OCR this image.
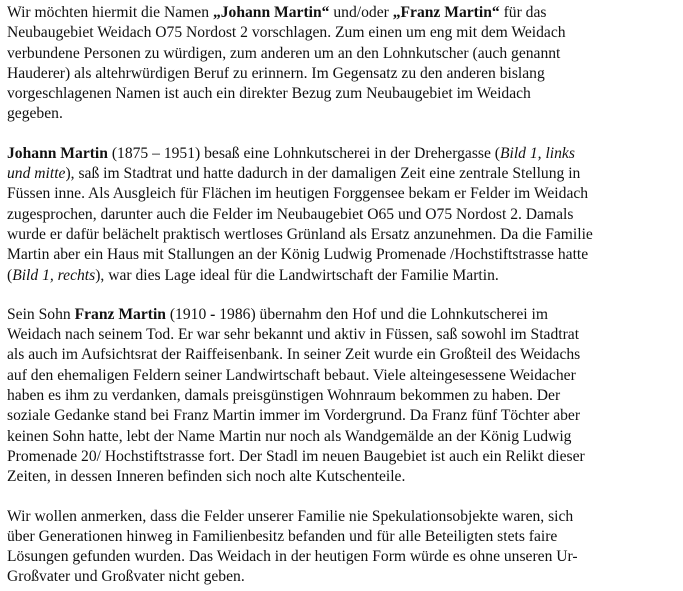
Wir möchten hiermit die Namen „Johann Martin“ und/oder „Franz Martin“ für das
Neubaugebiet Weidach O75 Nordost 2 vorschlagen. Zum einen um eng mit dem Weidach
verbundene Personen zu würdigen, zum anderen um an den Lohnkutscher (auch genannt
Hauderer) als altehrwürdigen Beruf zu erinnern. Im Gegensatz zu den anderen bislang
vorgeschlagenen Namen ist auch ein direkter Bezug zum Neubaugebiet im Weidach
gegeben.
Johann Martin (1875 – 1951) besaß eine Lohnkutscherei in der Drehergasse (Bild 1, links
und mitte), saß im Stadtrat und hatte dadurch in der damaligen Zeit eine zentrale Stellung in
Füssen inne. Als Ausgleich für Flächen im heutigen Forggensee bekam er Felder im Weidach
zugesprochen, darunter auch die Felder im Neubaugebiet O65 und O75 Nordost 2. Damals
wurde er dafür belächelt praktisch wertloses Grünland als Ersatz anzunehmen. Da die Familie
Martin aber ein Haus mit Stallungen an der König Ludwig Promenade /Hochstiftstrasse hatte
(Bild 1, rechts), war dies Lage ideal für die Landwirtschaft der Familie Martin.
Sein Sohn Franz Martin (1910 - 1986) übernahm den Hof und die Lohnkutscherei im
Weidach nach seinem Tod. Er war sehr bekannt und aktiv in Füssen, saß sowohl im Stadtrat
als auch im Aufsichtsrat der Raiffeisenbank. In seiner Zeit wurde ein Großteil des Weidachs
auf den ehemaligen Feldern seiner Landwirtschaft bebaut. Viele alteingesessene Weidacher
haben es ihm zu verdanken, damals preisgünstigen Wohnraum bekommen zu haben. Der
soziale Gedanke stand bei Franz Martin immer im Vordergrund. Da Franz fünf Töchter aber
keinen Sohn hatte, lebt der Name Martin nur noch als Wandgemälde an der König Ludwig
Promenade 20/ Hochstiftstrasse fort. Der Stadl im neuen Baugebiet ist auch ein Relikt dieser
Zeiten, in dessen Inneren befinden sich noch alte Kutschenteile.
Wir wollen anmerken, dass die Felder unserer Familie nie Spekulationsobjekte waren, sich
über Generationen hinweg in Familienbesitz befanden und für alle Beteiligten stets faire
Lösungen gefunden wurden. Das Weidach in der heutigen Form würde es ohne unseren Ur-
Großvater und Großvater nicht geben.
